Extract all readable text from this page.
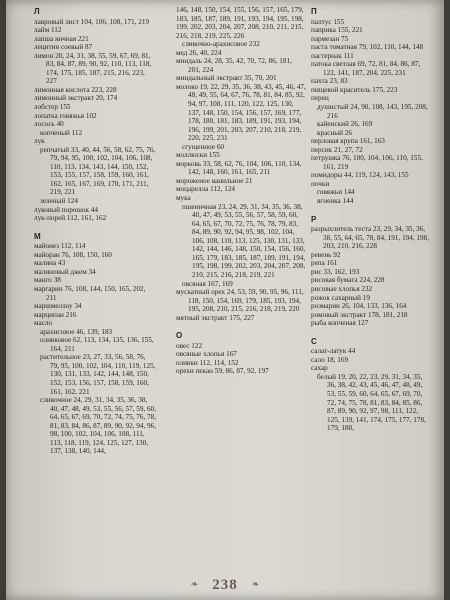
Л
лавровый лист 104, 106, 108, 171, 219
лайм 112
лапша яичная 221
лецитин соевый 87
лимон 20, 24, 31, 38, 55, 59, 67, 69, 81, 83, 84, 87, 89, 90, 92, 110, 113, 118, 174, 175, 185, 187, 215, 216, 223, 227
лимонная кислота 223, 228
лимонный экстракт 20, 174
лобстер 155
лопатка говяжья 102
лосось 40
копченый 112
лук
репчатый 33, 40, 44, 56, 58, 62, 75, 76, 79, 94, 95, 100, 102, 104, 106, 108, 110, 113, 134, 143, 144, 150, 152, 153, 155, 157, 158, 159, 160, 161, 162, 165, 167, 169, 170, 171, 211, 219, 221
зеленый 124
луковый порошок 44
лук-порей 112, 161, 162
М
майонез 112, 114
майоран 76, 108, 150, 160
малина 43
малиновый джем 34
манго 38
маргарин 76, 108, 144, 150, 165, 202, 211
маршмеллоу 34
марципан 216
масло
арахисовое 46, 139, 183
оливковое 62, 113, 134, 135, 136, 155, 164, 211
растительное 23, 27, 33, 56, 58, 76, 79, 95, 100, 102, 104, 110, 119, 125, 130, 131, 133, 142, 144, 148, 150, 152, 153, 156, 157, 158, 159, 160, 161, 162, 221
сливочное 24, 29, 31, 34, 35, 36, 38, 40, 47, 48, 49, 53, 55, 56, 57, 59, 60, 64, 65, 67, 69, 70, 72, 74, 75, 76, 78, 81, 83, 84, 86, 87, 89, 90, 92, 94, 96, 98, 100, 102, 104, 106, 108, 111, 113, 118, 119, 124, 125, 127, 130, 137, 138, 140, 144,
146, 148, 150, 154, 155, 156, 157, 165, 179, 183, 185, 187, 189, 191, 193, 194, 195, 198, 199, 202, 203, 204, 207, 208, 210, 211, 215, 216, 218, 219, 225, 226
сливочно-арахисовое 232
мед 26, 40, 224
миндаль 24, 28, 35, 42, 70, 72, 86, 181, 201, 224
миндальный экстракт 35, 70, 201
молоко 19, 22, 29, 35, 36, 38, 43, 45, 46, 47, 48, 49, 55, 64, 67, 76, 78, 81, 84, 85, 92, 94, 97, 108, 111, 120, 122, 125, 130, 137, 148, 150, 154, 156, 157, 169, 177, 178, 180, 181, 183, 189, 191, 193, 194, 196, 199, 201, 203, 207, 210, 218, 219, 220, 225, 231
сгущенное 60
моллюски 155
морковь 33, 58, 62, 76, 104, 106, 110, 134, 142, 148, 160, 161, 165, 211
мороженое ванильное 21
моцарелла 112, 124
мука
пшеничная 23, 24, 29, 31, 34, 35, 36, 38, 40, 47, 49, 53, 55, 56, 57, 58, 59, 60, 64, 65, 67, 70, 72, 75, 76, 78, 79, 83, 84, 89, 90, 92, 94, 95, 98, 102, 104, 106, 108, 110, 113, 125, 130, 131, 133, 142, 144, 146, 148, 150, 154, 156, 160, 165, 179, 183, 185, 187, 189, 191, 194, 195, 198, 199, 202, 203, 204, 207, 208, 210, 215, 216, 218, 219, 221
овсяная 167, 169
мускатный орех 24, 53, 59, 90, 95, 96, 111, 118, 150, 154, 169, 179, 185, 193, 194, 195, 208, 210, 215, 216, 218, 219, 220
мятный экстракт 175, 227
О
овес 122
овсяные хлопья 167
оливки 112, 114, 152
орехи пекан 59, 86, 87, 92, 197
П
палтус 155
паприка 155, 221
пармезан 75
паста томатная 79, 102, 110, 144, 148
пастернак 111
патока светлая 69, 72, 81, 84, 86, 87, 122, 141, 187, 204, 225, 231
пахта 23, 83
пищевой краситель 175, 223
перец
душистый 24, 90, 108, 143, 195, 208, 216
кайенский 26, 169
красный 26
перловая крупа 161, 163
персик 21, 27, 72
петрушка 76, 100, 104, 106, 110, 155, 161, 219
помидоры 44, 119, 124, 143, 155
почки
говяжьи 144
ягненка 144
Р
разрыхлитель теста 23, 29, 34, 35, 36, 38, 55, 64, 65, 78, 84, 191, 194, 198, 203, 210, 216, 228
ревень 92
репа 161
рис 33, 162, 193
рисовая бумага 224, 228
рисовые хлопья 232
рожок сахарный 19
розмарин 26, 104, 133, 136, 164
ромовый экстракт 178, 181, 218
рыба копченая 127
С
салат-латук 44
сало 18, 169
сахар
белый 19, 20, 22, 23, 29, 31, 34, 35, 36, 38, 42, 43, 45, 46, 47, 48, 49, 53, 55, 59, 60, 64, 65, 67, 69, 70, 72, 74, 75, 78, 81, 83, 84, 85, 86, 87, 89, 90, 92, 97, 98, 111, 122, 125, 139, 141, 174, 175, 177, 178, 179, 180,
❧ 238 ❧
